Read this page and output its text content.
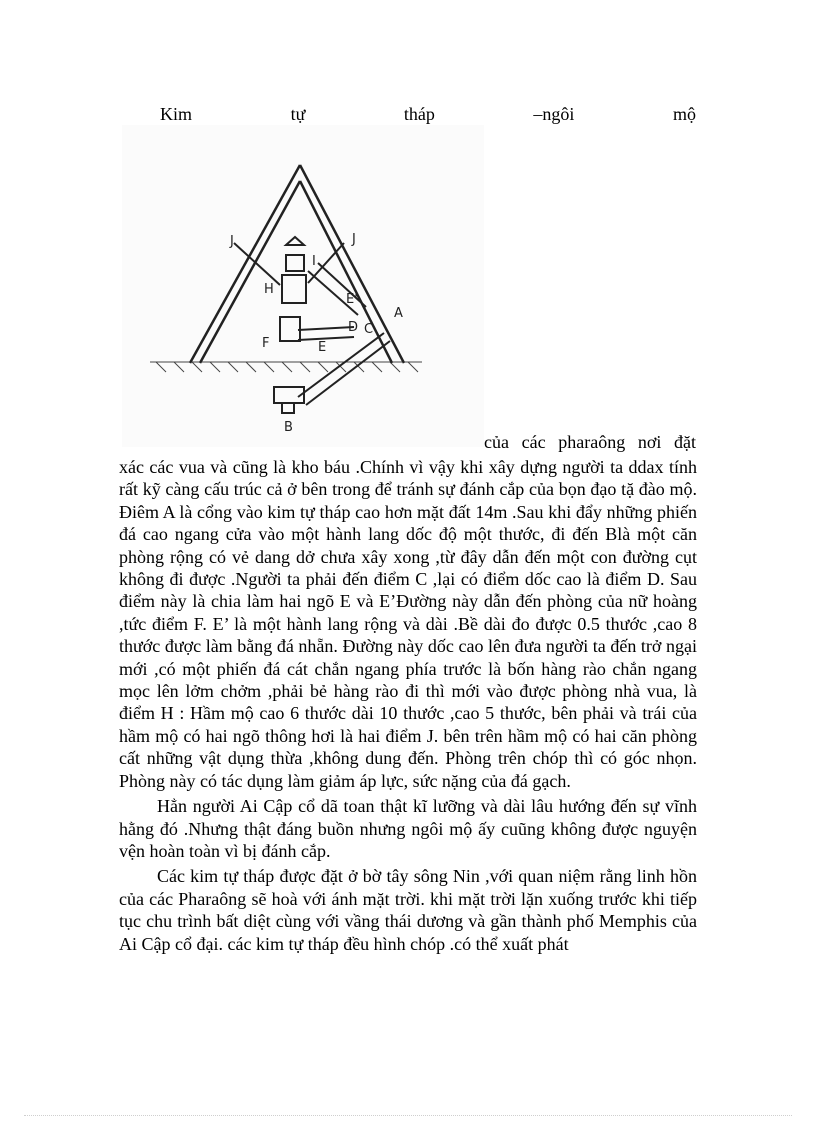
Kim	tự	tháp	–ngôi	mộ
J	J
I
H
E'
C
D
A
F	E
B
của các pharaông nơi đặt

xác các vua và cũng là kho báu .Chính vì vậy khi xây dựng người ta ddax tính rất kỹ càng cấu trúc cả ở bên trong để tránh sự đánh cắp của bọn đạo tặ đào mộ. Điêm A là cổng vào kim tự tháp cao hơn mặt đất 14m .Sau khi đẩy những phiến đá cao ngang cửa vào một hành lang dốc độ một thước, đi đến Blà một căn phòng rộng có vẻ dang dở chưa xây xong ,từ đây dẫn đến một con đường cụt không đi được .Người ta phải đến điểm C ,lại có điểm dốc cao là điểm D. Sau điểm này là chia làm hai ngõ E và E’Đường này dẫn đến phòng của nữ hoàng ,tức điểm F. E’ là một hành lang rộng và dài .Bề dài đo được 0.5 thước ,cao 8 thước được làm bằng đá nhẵn. Đường này dốc cao lên đưa người ta đến trở ngại mới ,có một phiến đá cát chắn ngang phía trước là bốn hàng rào chắn ngang mọc lên lởm chởm ,phải bẻ hàng rào đi thì mới vào được phòng nhà vua, là điểm H : Hầm mộ cao 6 thước dài 10 thước ,cao 5 thước, bên phải và trái của hầm mộ có hai ngõ thông hơi là hai điểm J. bên trên hầm mộ có hai căn phòng cất những vật dụng thừa ,không dung đến. Phòng trên chóp thì có góc nhọn. Phòng này có tác dụng làm giảm áp lực, sức nặng của đá gạch.

Hẳn người Ai Cập cổ dã toan thật kĩ lưỡng và dài lâu hướng đến sự vĩnh hằng đó .Nhưng thật đáng buồn nhưng ngôi mộ ấy cuũng không được nguyện vện hoàn toàn vì bị đánh cắp.

Các kim tự tháp được đặt ở bờ tây sông Nin ,với quan niệm rằng linh hồn của các Pharaông sẽ hoà với ánh mặt trời. khi mặt trời lặn xuống trước khi tiếp tục chu trình bất diệt cùng với vầng thái dương và gần thành phố Memphis của Ai Cập cổ đại. các kim tự tháp đều hình chóp .có thể xuất phát
